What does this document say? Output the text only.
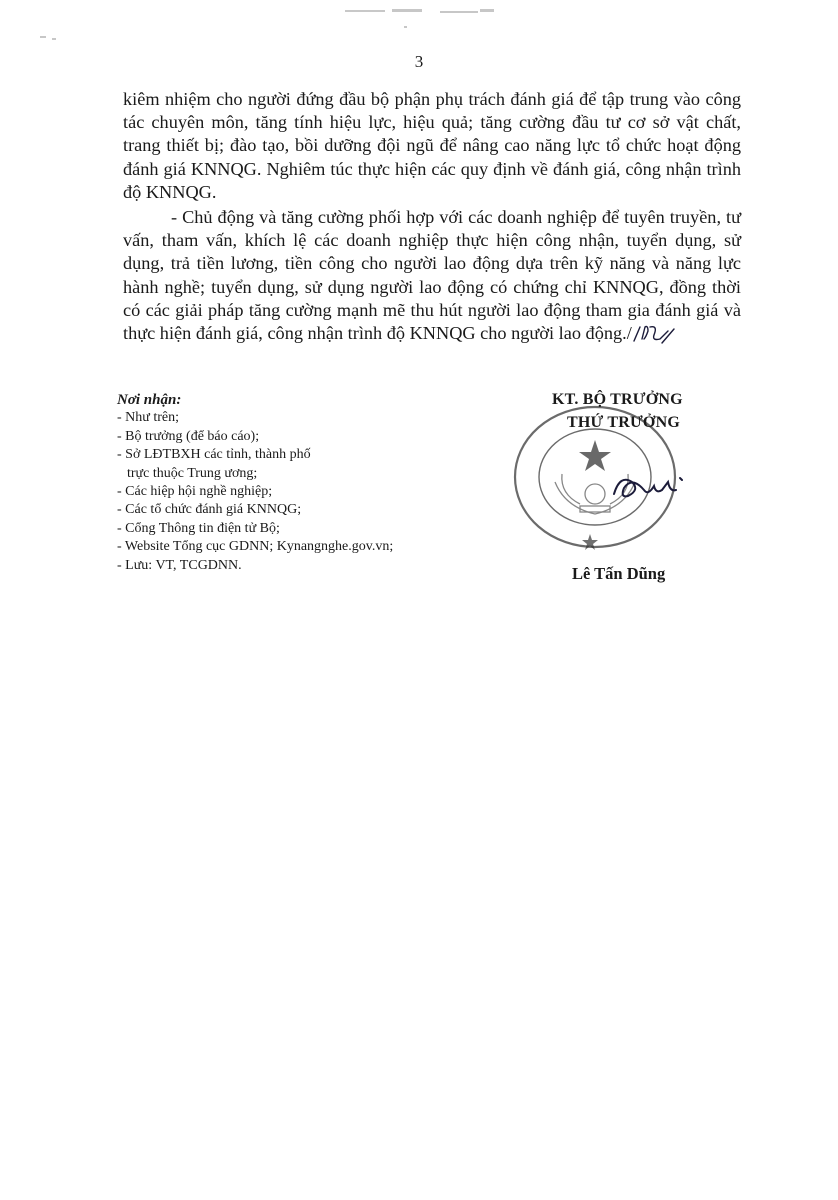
3

kiêm nhiệm cho người đứng đầu bộ phận phụ trách đánh giá để tập trung vào công tác chuyên môn, tăng tính hiệu lực, hiệu quả; tăng cường đầu tư cơ sở vật chất, trang thiết bị; đào tạo, bồi dưỡng đội ngũ để nâng cao năng lực tổ chức hoạt động đánh giá KNNQG. Nghiêm túc thực hiện các quy định về đánh giá, công nhận trình độ KNNQG.

- Chủ động và tăng cường phối hợp với các doanh nghiệp để tuyên truyền, tư vấn, tham vấn, khích lệ các doanh nghiệp thực hiện công nhận, tuyển dụng, sử dụng, trả tiền lương, tiền công cho người lao động dựa trên kỹ năng và năng lực hành nghề; tuyển dụng, sử dụng người lao động có chứng chỉ KNNQG, đồng thời có các giải pháp tăng cường mạnh mẽ thu hút người lao động tham gia đánh giá và thực hiện đánh giá, công nhận trình độ KNNQG cho người lao động./

Nơi nhận:
- Như trên;
- Bộ trưởng (để báo cáo);
- Sở LĐTBXH các tỉnh, thành phố
trực thuộc Trung ương;
- Các hiệp hội nghề nghiệp;
- Các tổ chức đánh giá KNNQG;
- Cổng Thông tin điện tử Bộ;
- Website Tổng cục GDNN; Kynangnghe.gov.vn;
- Lưu: VT, TCGDNN.
KT. BỘ TRƯỞNG
THỨ TRƯỞNG
Lê Tấn Dũng
